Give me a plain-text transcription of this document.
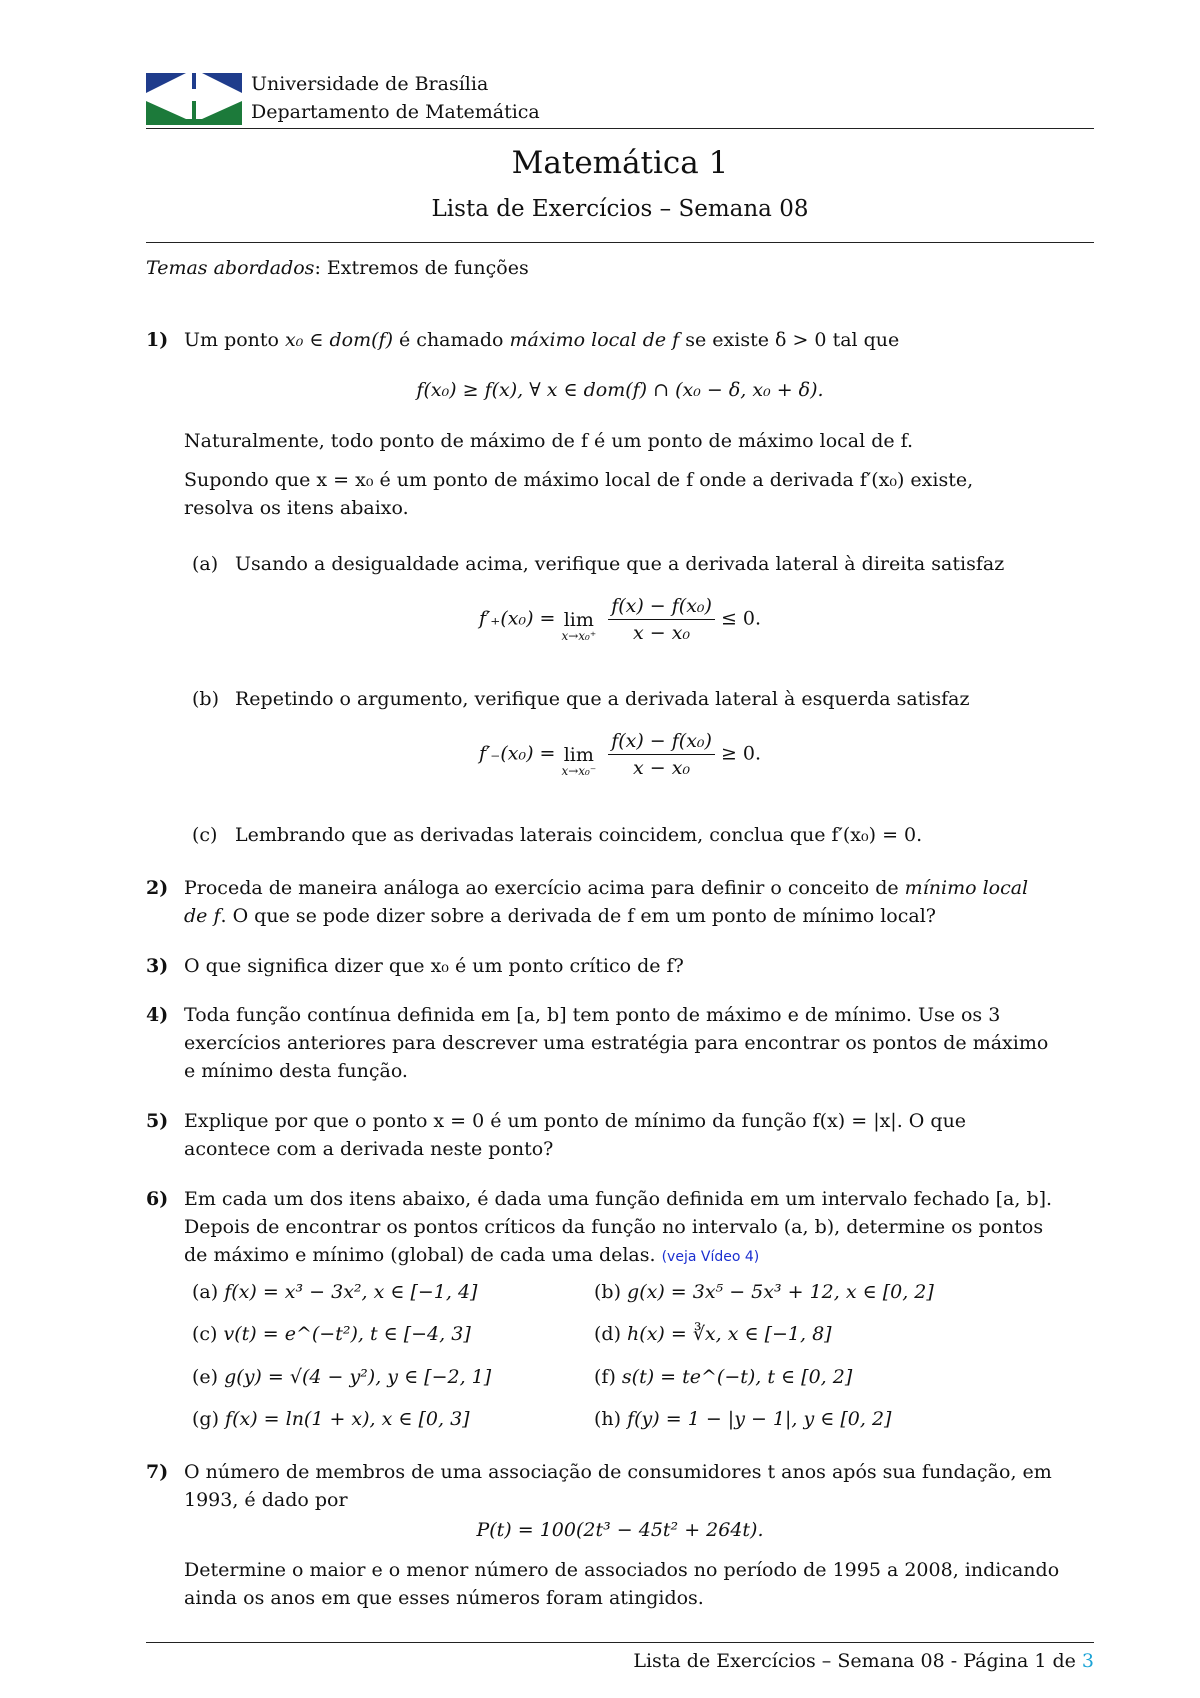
Universidade de Brasília
Departamento de Matemática
Matemática 1
Lista de Exercícios – Semana 08
Temas abordados: Extremos de funções
1) Um ponto x₀ ∈ dom(f) é chamado máximo local de f se existe δ > 0 tal que
f(x₀) ≥ f(x), ∀ x ∈ dom(f) ∩ (x₀ − δ, x₀ + δ).
Naturalmente, todo ponto de máximo de f é um ponto de máximo local de f.
Supondo que x = x₀ é um ponto de máximo local de f onde a derivada f′(x₀) existe,
resolva os itens abaixo.
(a) Usando a desigualdade acima, verifique que a derivada lateral à direita satisfaz
f′₊(x₀) = lim
$x\to x_0^+ \frac{\text{f(x) − f(x₀)}}{\text{x − x₀}} \le 0$.
(b) Repetindo o argumento, verifique que a derivada lateral à esquerda satisfaz
f′₋(x₀) = lim
$x\to x_0^- \frac{\text{f(x) − f(x₀)}}{\text{x − x₀}} \ge 0$.
(c) Lembrando que as derivadas laterais coincidem, conclua que f′(x₀) = 0.
2) Proceda de maneira análoga ao exercício acima para definir o conceito de mínimo local
de f. O que se pode dizer sobre a derivada de f em um ponto de mínimo local?
3) O que significa dizer que x₀ é um ponto crítico de f?
4) Toda função contínua definida em [a, b] tem ponto de máximo e de mínimo. Use os 3
exercícios anteriores para descrever uma estratégia para encontrar os pontos de máximo
e mínimo desta função.
5) Explique por que o ponto x = 0 é um ponto de mínimo da função f(x) = |x|. O que
acontece com a derivada neste ponto?
6) Em cada um dos itens abaixo, é dada uma função definida em um intervalo fechado [a, b].
Depois de encontrar os pontos críticos da função no intervalo (a, b), determine os pontos
de máximo e mínimo (global) de cada uma delas. (veja Vídeo 4)
(a) f(x) = x³ − 3x², x ∈ [−1, 4]	(b) g(x) = 3x⁵ − 5x³ + 12, x ∈ [0, 2]
(c) v(t) = e^(−t²), t ∈ [−4, 3]	(d) h(x) = ∛x, x ∈ [−1, 8]
(e) g(y) = √(4 − y²), y ∈ [−2, 1]	(f) s(t) = te^(−t), t ∈ [0, 2]
(g) f(x) = ln(1 + x), x ∈ [0, 3]	(h) f(y) = 1 − |y − 1|, y ∈ [0, 2]
7) O número de membros de uma associação de consumidores t anos após sua fundação, em
1993, é dado por
P(t) = 100(2t³ − 45t² + 264t).
Determine o maior e o menor número de associados no período de 1995 a 2008, indicando
ainda os anos em que esses números foram atingidos.
Lista de Exercícios – Semana 08 - Página 1 de 3
